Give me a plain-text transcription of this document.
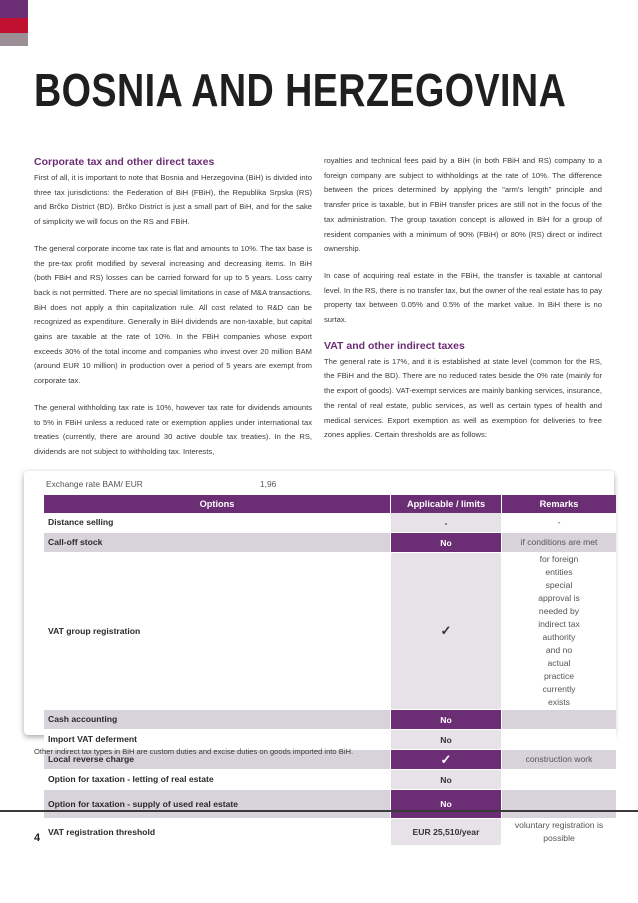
BOSNIA AND HERZEGOVINA
Corporate tax and other direct taxes

First of all, it is important to note that Bosnia and Herzegovina (BiH) is divided into three tax jurisdictions: the Federation of BiH (FBiH), the Republika Srpska (RS) and Brčko District (BD). Brčko District is just a small part of BiH, and for the sake of simplicity we will focus on the RS and FBiH.

The general corporate income tax rate is flat and amounts to 10%. The tax base is the pre-tax profit modified by several increasing and decreasing items. In BiH (both FBiH and RS) losses can be carried forward for up to 5 years. Loss carry back is not permitted. There are no special limitations in case of M&A transactions. BiH does not apply a thin capitalization rule. All cost related to R&D can be recognized as expenditure. Generally in BiH dividends are non-taxable, but capital gains are taxable at the rate of 10%. In the FBiH companies whose export exceeds 30% of the total income and companies who invest over 20 million BAM (around EUR 10 million) in production over a period of 5 years are exempt from corporate tax.

The general withholding tax rate is 10%, however tax rate for dividends amounts to 5% in FBiH unless a reduced rate or exemption applies under international tax treaties (currently, there are around 30 active double tax treaties). In the RS, dividends are not subject to withholding tax. Interests,

royalties and technical fees paid by a BiH (in both FBiH and RS) company to a foreign company are subject to withholdings at the rate of 10%. The difference between the prices determined by applying the "arm's length" principle and transfer price is taxable, but in FBiH transfer prices are still not in the focus of the tax administration. The group taxation concept is allowed in BiH for a group of resident companies with a minimum of 90% (FBiH) or 80% (RS) direct or indirect ownership.

In case of acquiring real estate in the FBiH, the transfer is taxable at cantonal level. In the RS, there is no transfer tax, but the owner of the real estate has to pay property tax between 0.05% and 0.5% of the market value. In BiH there is no surtax.

VAT and other indirect taxes

The general rate is 17%, and it is established at state level (common for the RS, the FBiH and the BD). There are no reduced rates beside the 0% rate (mainly for the export of goods). VAT-exempt services are mainly banking services, insurance, the rental of real estate, public services, as well as certain types of health and medical services. Export exemption as well as exemption for deliveries to free zones applies. Certain thresholds are as follows:

Exchange rate BAM/ EUR	1,96
Options	Applicable / limits	Remarks
Distance selling	-	-
Call-off stock	No	if conditions are met
VAT group registration	✓	for foreign entities special approval is needed by indirect tax authority and no actual practice currently exists
Cash accounting	No	
Import VAT deferment	No	
Local reverse charge	✓	construction work
Option for taxation - letting of real estate	No	
Option for taxation - supply of used real estate	No	
VAT registration threshold	EUR 25,510/year	voluntary registration is possible
Other indirect tax types in BiH are custom duties and excise duties on goods imported into BiH.
4
